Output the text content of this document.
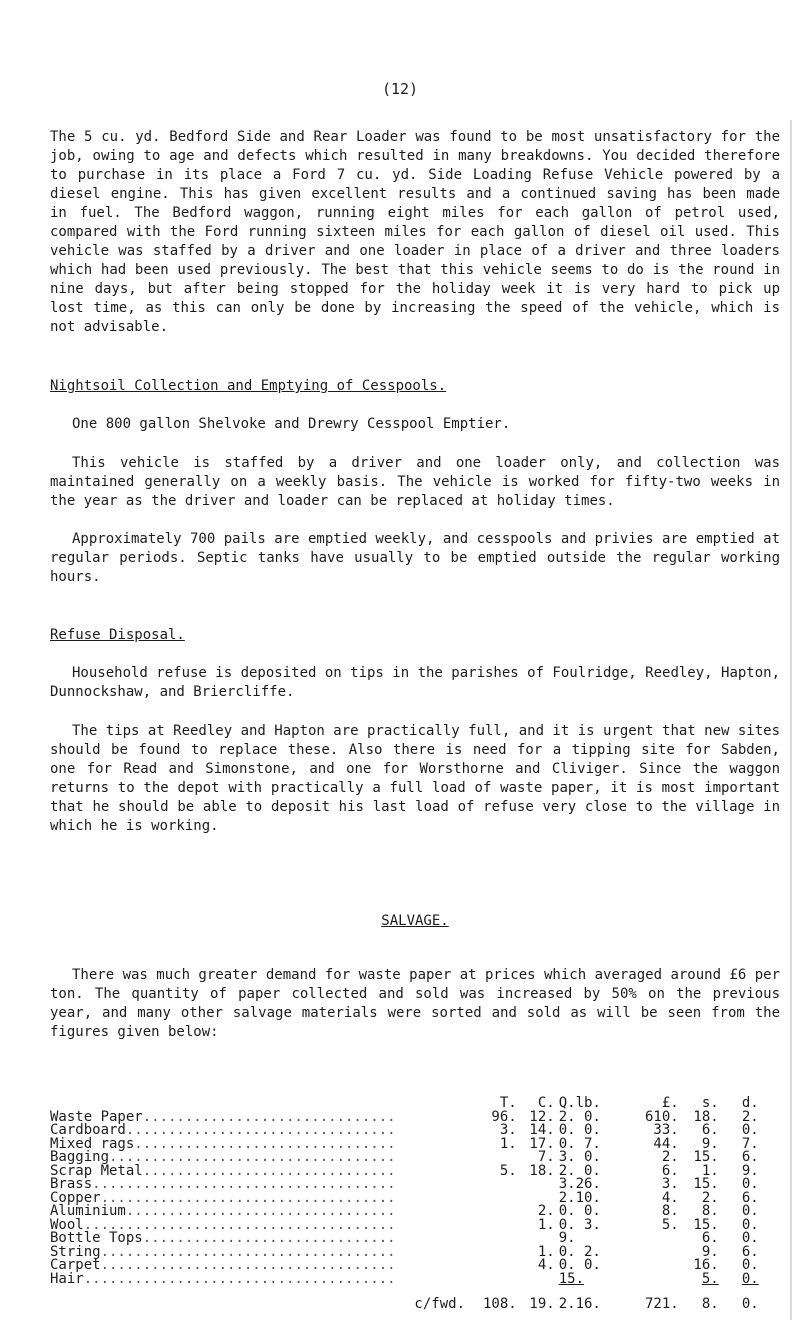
(12)

The 5 cu. yd. Bedford Side and Rear Loader was found to be most unsatisfactory for the job, owing to age and defects which resulted in many breakdowns. You decided therefore to purchase in its place a Ford 7 cu. yd. Side Loading Refuse Vehicle powered by a diesel engine. This has given excellent results and a continued saving has been made in fuel. The Bedford waggon, running eight miles for each gallon of petrol used, compared with the Ford running sixteen miles for each gallon of diesel oil used. This vehicle was staffed by a driver and one loader in place of a driver and three loaders which had been used previously. The best that this vehicle seems to do is the round in nine days, but after being stopped for the holiday week it is very hard to pick up lost time, as this can only be done by increasing the speed of the vehicle, which is not advisable.

Nightsoil Collection and Emptying of Cesspools.

One 800 gallon Shelvoke and Drewry Cesspool Emptier.

This vehicle is staffed by a driver and one loader only, and collection was maintained generally on a weekly basis. The vehicle is worked for fifty-two weeks in the year as the driver and loader can be replaced at holiday times.

Approximately 700 pails are emptied weekly, and cesspools and privies are emptied at regular periods. Septic tanks have usually to be emptied outside the regular working hours.

Refuse Disposal.

Household refuse is deposited on tips in the parishes of Foulridge, Reedley, Hapton, Dunnockshaw, and Briercliffe.

The tips at Reedley and Hapton are practically full, and it is urgent that new sites should be found to replace these. Also there is need for a tipping site for Sabden, one for Read and Simonstone, and one for Worsthorne and Cliviger. Since the waggon returns to the depot with practically a full load of waste paper, it is most important that he should be able to deposit his last load of refuse very close to the village in which he is working.

SALVAGE.

There was much greater demand for waste paper at prices which averaged around £6 per ton. The quantity of paper collected and sold was increased by 50% on the previous year, and many other salvage materials were sorted and sold as will be seen from the figures given below:

	T.	C.	Q.lb.	£.	s.	d.
Waste Paper..............................	96.	12.	2. 0.	610.	18.	2.
Cardboard................................	3.	14.	0. 0.	33.	6.	0.
Mixed rags...............................	1.	17.	0. 7.	44.	9.	7.
Bagging..................................		7.	3. 0.	2.	15.	6.
Scrap Metal..............................	5.	18.	2. 0.	6.	1.	9.
Brass....................................			3.26.	3.	15.	0.
Copper...................................			2.10.	4.	2.	6.
Aluminium................................		2.	0. 0.	8.	8.	0.
Wool.....................................		1.	0. 3.	5.	15.	0.
Bottle Tops..............................			9.		6.	0.
String...................................		1.	0. 2.		9.	6.
Carpet...................................		4.	0. 0.		16.	0.
Hair.....................................			15.		5.	0.
c/fwd.	108.	19.	2.16.	721.	8.	0.
